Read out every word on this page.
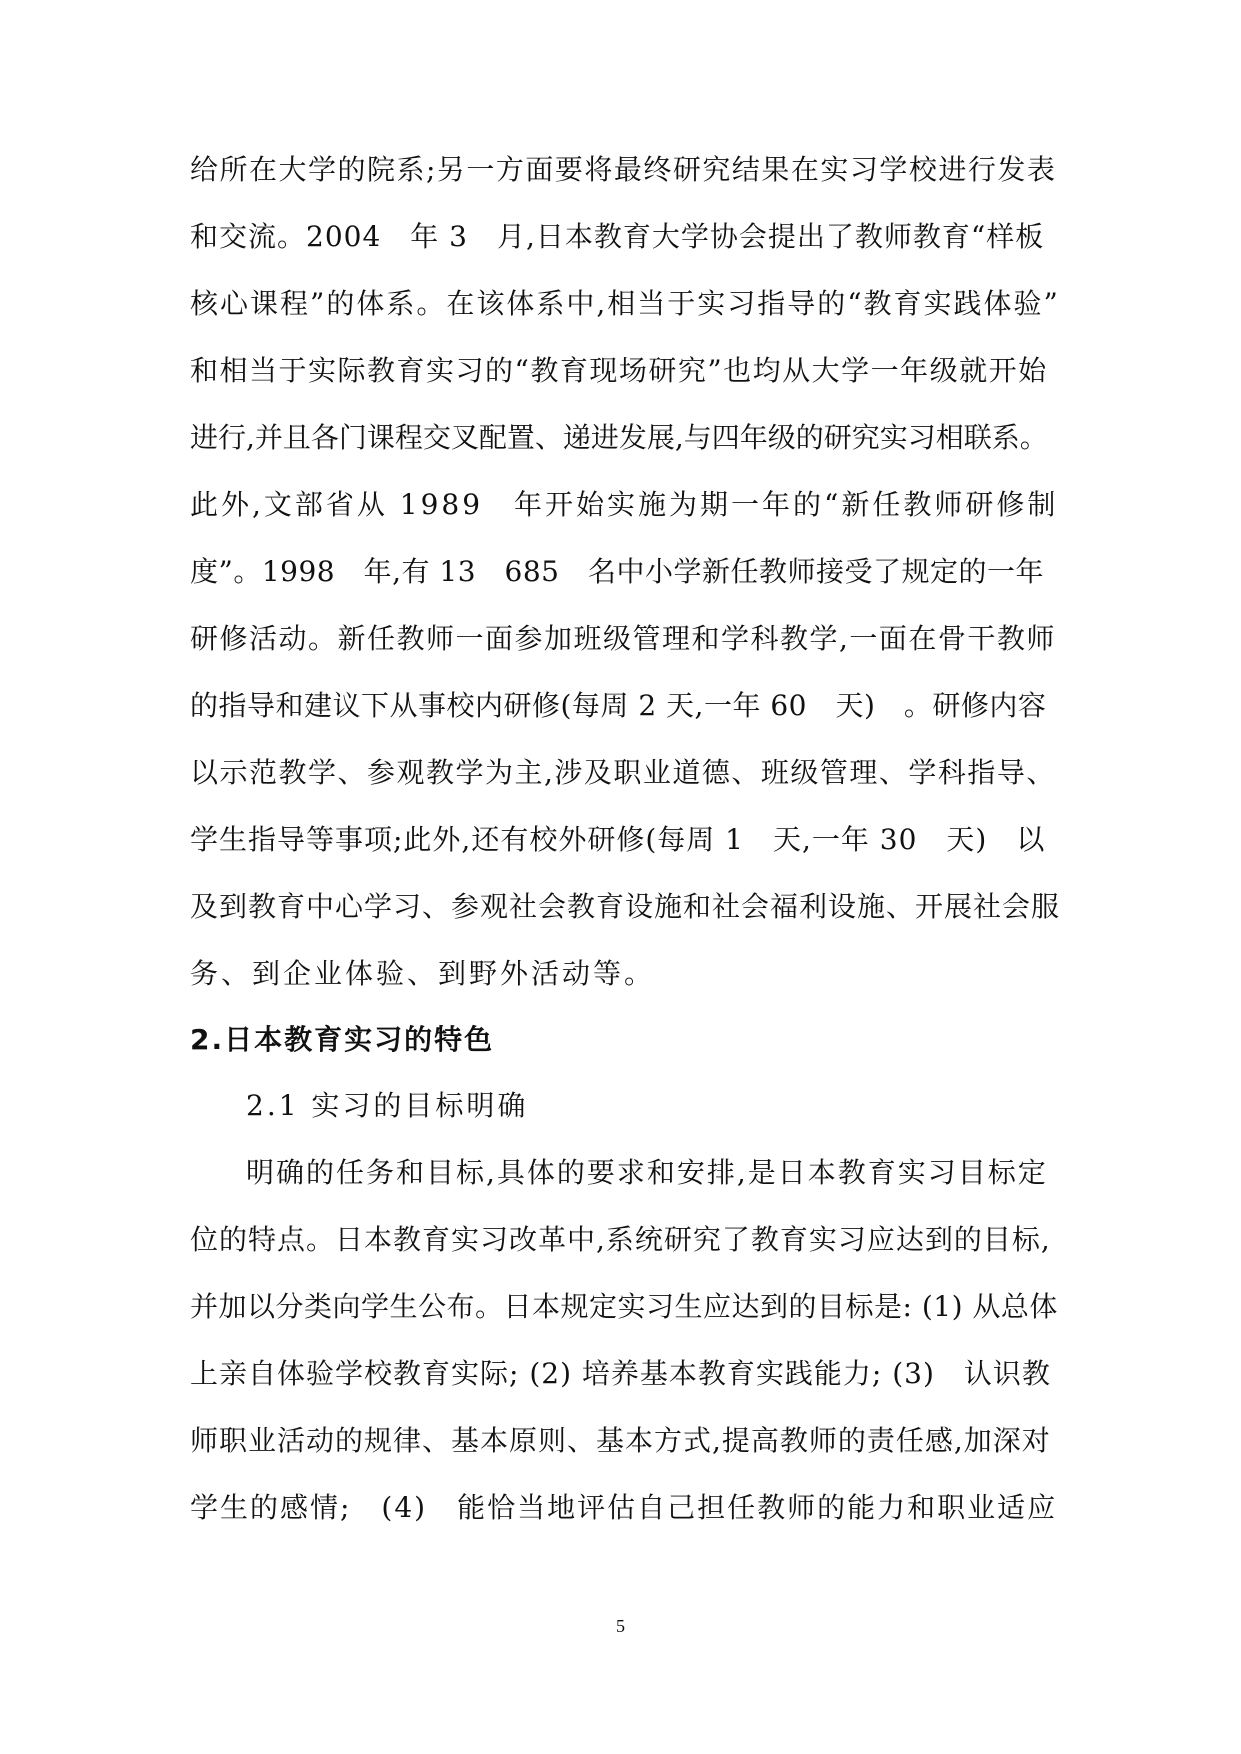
给所在大学的院系;另一方面要将最终研究结果在实习学校进行发表
和交流。2004　年 3　月,日本教育大学协会提出了教师教育“样板
核心课程”的体系。在该体系中,相当于实习指导的“教育实践体验”
和相当于实际教育实习的“教育现场研究”也均从大学一年级就开始
进行,并且各门课程交叉配置、递进发展,与四年级的研究实习相联系。
此外,文部省从 1989　年开始实施为期一年的“新任教师研修制
度”。1998　年,有 13　685　名中小学新任教师接受了规定的一年
研修活动。新任教师一面参加班级管理和学科教学,一面在骨干教师
的指导和建议下从事校内研修(每周 2 天,一年 60　天)　。研修内容
以示范教学、参观教学为主,涉及职业道德、班级管理、学科指导、
学生指导等事项;此外,还有校外研修(每周 1　天,一年 30　天)　以
及到教育中心学习、参观社会教育设施和社会福利设施、开展社会服
务、到企业体验、到野外活动等。
2.日本教育实习的特色
2.1 实习的目标明确
明确的任务和目标,具体的要求和安排,是日本教育实习目标定
位的特点。日本教育实习改革中,系统研究了教育实习应达到的目标,
并加以分类向学生公布。日本规定实习生应达到的目标是: (1) 从总体
上亲自体验学校教育实际; (2) 培养基本教育实践能力; (3)　认识教
师职业活动的规律、基本原则、基本方式,提高教师的责任感,加深对
学生的感情;　(4)　能恰当地评估自己担任教师的能力和职业适应
5
